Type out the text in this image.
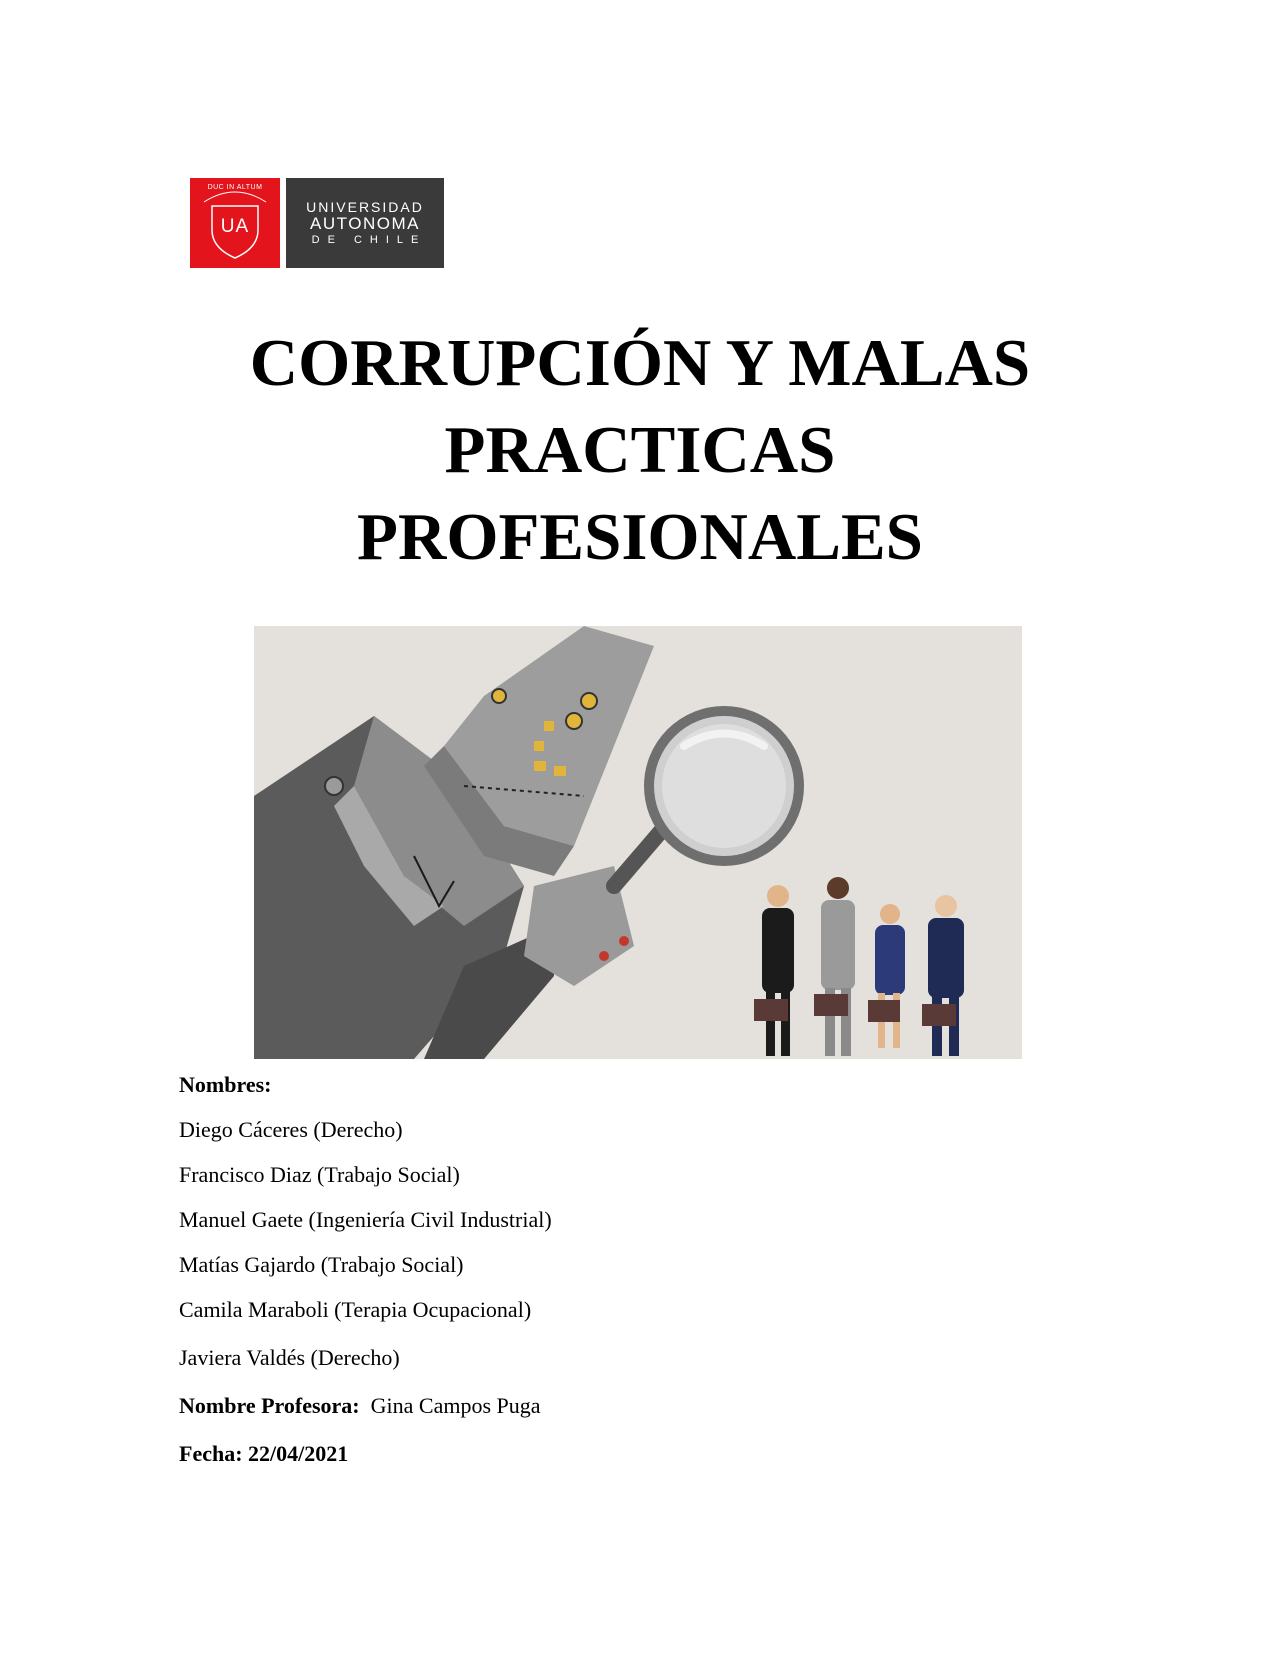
DUC IN ALTUM
UA
UNIVERSIDAD
AUTONOMA
DE CHILE
CORRUPCIÓN Y MALAS
PRACTICAS
PROFESIONALES
Nombres:
Diego Cáceres (Derecho)
Francisco Diaz (Trabajo Social)
Manuel Gaete (Ingeniería Civil Industrial)
Matías Gajardo (Trabajo Social)
Camila Maraboli (Terapia Ocupacional)
Javiera Valdés (Derecho)
Nombre Profesora: Gina Campos Puga
Fecha: 22/04/2021
